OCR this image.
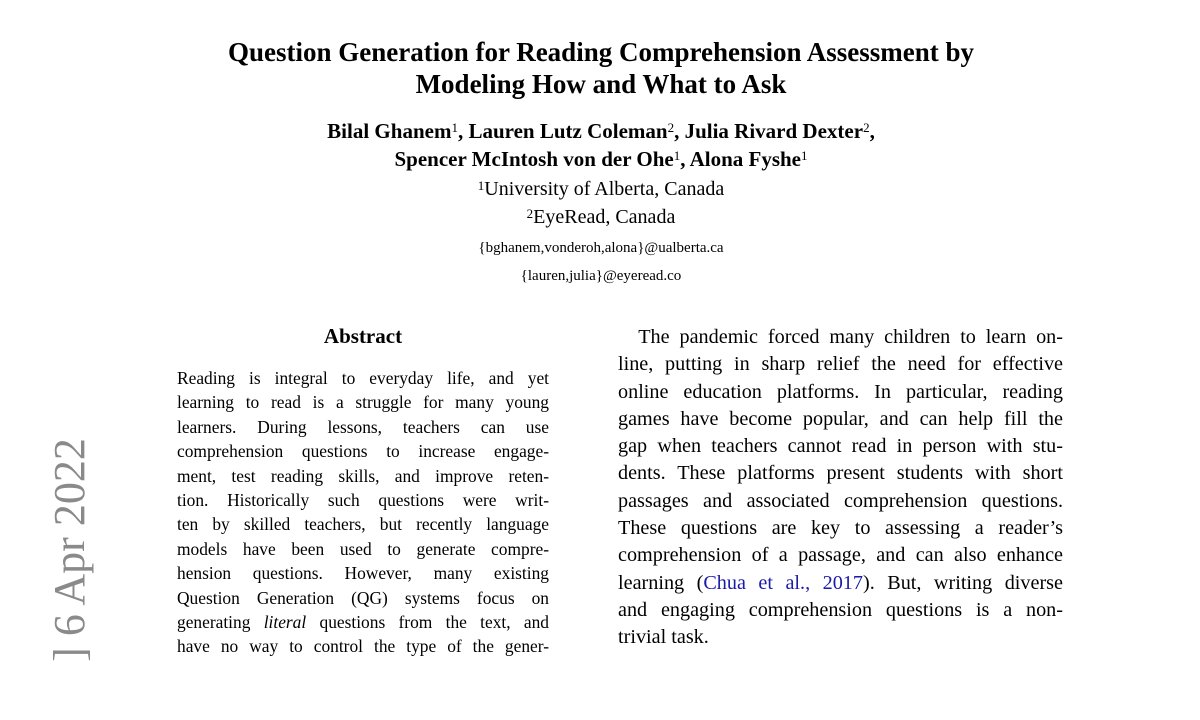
] 6 Apr 2022
Question Generation for Reading Comprehension Assessment by
Modeling How and What to Ask
Bilal Ghanem$^1$, Lauren Lutz Coleman$^2$, Julia Rivard Dexter$^2$,
Spencer McIntosh von der Ohe$^1$, Alona Fyshe$^1$
$^1$University of Alberta, Canada
$^2$EyeRead, Canada
{bghanem,vonderoh,alona}@ualberta.ca
{lauren,julia}@eyeread.co
Abstract
Reading is integral to everyday life, and yet
learning to read is a struggle for many young
learners. During lessons, teachers can use
comprehension questions to increase engage-
ment, test reading skills, and improve reten-
tion. Historically such questions were writ-
ten by skilled teachers, but recently language
models have been used to generate compre-
hension questions. However, many existing
Question Generation (QG) systems focus on
generating literal questions from the text, and
have no way to control the type of the gener-
 The pandemic forced many children to learn on-
line, putting in sharp relief the need for effective
online education platforms. In particular, reading
games have become popular, and can help fill the
gap when teachers cannot read in person with stu-
dents. These platforms present students with short
passages and associated comprehension questions.
These questions are key to assessing a reader’s
comprehension of a passage, and can also enhance
learning (Chua et al., 2017). But, writing diverse
and engaging comprehension questions is a non-
trivial task.
